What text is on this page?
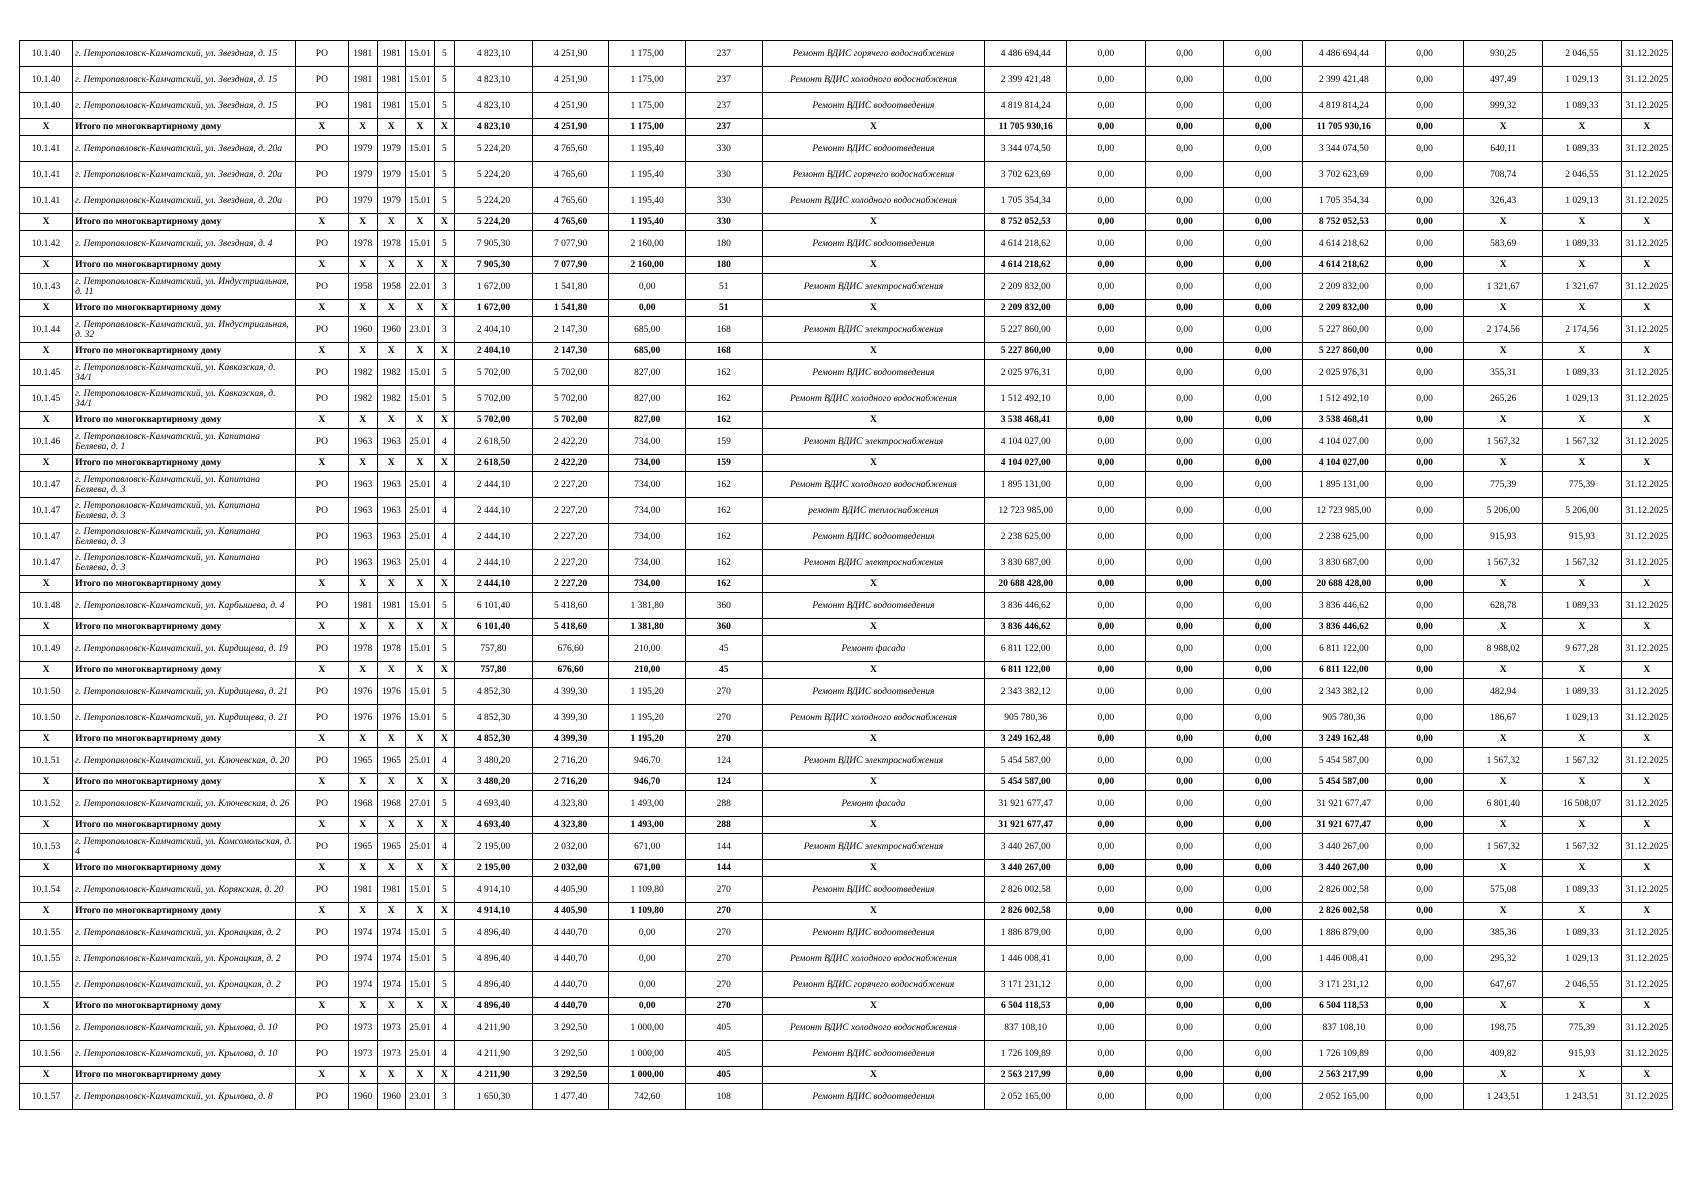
10.1.40	г. Петропавловск-Камчатский, ул. Звездная, д. 15	РО	1981	1981	15.01	5	4 823,10	4 251,90	1 175,00	237	Ремонт ВДИС горячего водоснабжения	4 486 694,44	0,00	0,00	0,00	4 486 694,44	0,00	930,25	2 046,55	31.12.2025
10.1.40	г. Петропавловск-Камчатский, ул. Звездная, д. 15	РО	1981	1981	15.01	5	4 823,10	4 251,90	1 175,00	237	Ремонт ВДИС холодного водоснабжения	2 399 421,48	0,00	0,00	0,00	2 399 421,48	0,00	497,49	1 029,13	31.12.2025
10.1.40	г. Петропавловск-Камчатский, ул. Звездная, д. 15	РО	1981	1981	15.01	5	4 823,10	4 251,90	1 175,00	237	Ремонт ВДИС водоотведения	4 819 814,24	0,00	0,00	0,00	4 819 814,24	0,00	999,32	1 089,33	31.12.2025
X	Итого по многоквартирному дому	X	X	X	X	X	4 823,10	4 251,90	1 175,00	237	X	11 705 930,16	0,00	0,00	0,00	11 705 930,16	0,00	X	X	X
10.1.41	г. Петропавловск-Камчатский, ул. Звездная, д. 20а	РО	1979	1979	15.01	5	5 224,20	4 765,60	1 195,40	330	Ремонт ВДИС водоотведения	3 344 074,50	0,00	0,00	0,00	3 344 074,50	0,00	640,11	1 089,33	31.12.2025
10.1.41	г. Петропавловск-Камчатский, ул. Звездная, д. 20а	РО	1979	1979	15.01	5	5 224,20	4 765,60	1 195,40	330	Ремонт ВДИС горячего водоснабжения	3 702 623,69	0,00	0,00	0,00	3 702 623,69	0,00	708,74	2 046,55	31.12.2025
10.1.41	г. Петропавловск-Камчатский, ул. Звездная, д. 20а	РО	1979	1979	15.01	5	5 224,20	4 765,60	1 195,40	330	Ремонт ВДИС холодного водоснабжения	1 705 354,34	0,00	0,00	0,00	1 705 354,34	0,00	326,43	1 029,13	31.12.2025
X	Итого по многоквартирному дому	X	X	X	X	X	5 224,20	4 765,60	1 195,40	330	X	8 752 052,53	0,00	0,00	0,00	8 752 052,53	0,00	X	X	X
10.1.42	г. Петропавловск-Камчатский, ул. Звездная, д. 4	РО	1978	1978	15.01	5	7 905,30	7 077,90	2 160,00	180	Ремонт ВДИС водоотведения	4 614 218,62	0,00	0,00	0,00	4 614 218,62	0,00	583,69	1 089,33	31.12.2025
X	Итого по многоквартирному дому	X	X	X	X	X	7 905,30	7 077,90	2 160,00	180	X	4 614 218,62	0,00	0,00	0,00	4 614 218,62	0,00	X	X	X
10.1.43	г. Петропавловск-Камчатский, ул. Индустриальная, д. 11	РО	1958	1958	22.01	3	1 672,00	1 541,80	0,00	51	Ремонт ВДИС электроснабжения	2 209 832,00	0,00	0,00	0,00	2 209 832,00	0,00	1 321,67	1 321,67	31.12.2025
X	Итого по многоквартирному дому	X	X	X	X	X	1 672,00	1 541,80	0,00	51	X	2 209 832,00	0,00	0,00	0,00	2 209 832,00	0,00	X	X	X
10.1.44	г. Петропавловск-Камчатский, ул. Индустриальная, д. 32	РО	1960	1960	23.01	3	2 404,10	2 147,30	685,00	168	Ремонт ВДИС электроснабжения	5 227 860,00	0,00	0,00	0,00	5 227 860,00	0,00	2 174,56	2 174,56	31.12.2025
X	Итого по многоквартирному дому	X	X	X	X	X	2 404,10	2 147,30	685,00	168	X	5 227 860,00	0,00	0,00	0,00	5 227 860,00	0,00	X	X	X
10.1.45	г. Петропавловск-Камчатский, ул. Кавказская, д. 34/1	РО	1982	1982	15.01	5	5 702,00	5 702,00	827,00	162	Ремонт ВДИС водоотведения	2 025 976,31	0,00	0,00	0,00	2 025 976,31	0,00	355,31	1 089,33	31.12.2025
10.1.45	г. Петропавловск-Камчатский, ул. Кавказская, д. 34/1	РО	1982	1982	15.01	5	5 702,00	5 702,00	827,00	162	Ремонт ВДИС холодного водоснабжения	1 512 492,10	0,00	0,00	0,00	1 512 492,10	0,00	265,26	1 029,13	31.12.2025
X	Итого по многоквартирному дому	X	X	X	X	X	5 702,00	5 702,00	827,00	162	X	3 538 468,41	0,00	0,00	0,00	3 538 468,41	0,00	X	X	X
10.1.46	г. Петропавловск-Камчатский, ул. Капитана Беляева, д. 1	РО	1963	1963	25.01	4	2 618,50	2 422,20	734,00	159	Ремонт ВДИС электроснабжения	4 104 027,00	0,00	0,00	0,00	4 104 027,00	0,00	1 567,32	1 567,32	31.12.2025
X	Итого по многоквартирному дому	X	X	X	X	X	2 618,50	2 422,20	734,00	159	X	4 104 027,00	0,00	0,00	0,00	4 104 027,00	0,00	X	X	X
10.1.47	г. Петропавловск-Камчатский, ул. Капитана Беляева, д. 3	РО	1963	1963	25.01	4	2 444,10	2 227,20	734,00	162	Ремонт ВДИС холодного водоснабжения	1 895 131,00	0,00	0,00	0,00	1 895 131,00	0,00	775,39	775,39	31.12.2025
10.1.47	г. Петропавловск-Камчатский, ул. Капитана Беляева, д. 3	РО	1963	1963	25.01	4	2 444,10	2 227,20	734,00	162	ремонт ВДИС теплоснабжения	12 723 985,00	0,00	0,00	0,00	12 723 985,00	0,00	5 206,00	5 206,00	31.12.2025
10.1.47	г. Петропавловск-Камчатский, ул. Капитана Беляева, д. 3	РО	1963	1963	25.01	4	2 444,10	2 227,20	734,00	162	Ремонт ВДИС водоотведения	2 238 625,00	0,00	0,00	0,00	2 238 625,00	0,00	915,93	915,93	31.12.2025
10.1.47	г. Петропавловск-Камчатский, ул. Капитана Беляева, д. 3	РО	1963	1963	25.01	4	2 444,10	2 227,20	734,00	162	Ремонт ВДИС электроснабжения	3 830 687,00	0,00	0,00	0,00	3 830 687,00	0,00	1 567,32	1 567,32	31.12.2025
X	Итого по многоквартирному дому	X	X	X	X	X	2 444,10	2 227,20	734,00	162	X	20 688 428,00	0,00	0,00	0,00	20 688 428,00	0,00	X	X	X
10.1.48	г. Петропавловск-Камчатский, ул. Карбышева, д. 4	РО	1981	1981	15.01	5	6 101,40	5 418,60	1 381,80	360	Ремонт ВДИС водоотведения	3 836 446,62	0,00	0,00	0,00	3 836 446,62	0,00	628,78	1 089,33	31.12.2025
X	Итого по многоквартирному дому	X	X	X	X	X	6 101,40	5 418,60	1 381,80	360	X	3 836 446,62	0,00	0,00	0,00	3 836 446,62	0,00	X	X	X
10.1.49	г. Петропавловск-Камчатский, ул. Кирдищева, д. 19	РО	1978	1978	15.01	5	757,80	676,60	210,00	45	Ремонт фасада	6 811 122,00	0,00	0,00	0,00	6 811 122,00	0,00	8 988,02	9 677,28	31.12.2025
X	Итого по многоквартирному дому	X	X	X	X	X	757,80	676,60	210,00	45	X	6 811 122,00	0,00	0,00	0,00	6 811 122,00	0,00	X	X	X
10.1.50	г. Петропавловск-Камчатский, ул. Кирдищева, д. 21	РО	1976	1976	15.01	5	4 852,30	4 399,30	1 195,20	270	Ремонт ВДИС водоотведения	2 343 382,12	0,00	0,00	0,00	2 343 382,12	0,00	482,94	1 089,33	31.12.2025
10.1.50	г. Петропавловск-Камчатский, ул. Кирдищева, д. 21	РО	1976	1976	15.01	5	4 852,30	4 399,30	1 195,20	270	Ремонт ВДИС холодного водоснабжения	905 780,36	0,00	0,00	0,00	905 780,36	0,00	186,67	1 029,13	31.12.2025
X	Итого по многоквартирному дому	X	X	X	X	X	4 852,30	4 399,30	1 195,20	270	X	3 249 162,48	0,00	0,00	0,00	3 249 162,48	0,00	X	X	X
10.1.51	г. Петропавловск-Камчатский, ул. Ключевская, д. 20	РО	1965	1965	25.01	4	3 480,20	2 716,20	946,70	124	Ремонт ВДИС электроснабжения	5 454 587,00	0,00	0,00	0,00	5 454 587,00	0,00	1 567,32	1 567,32	31.12.2025
X	Итого по многоквартирному дому	X	X	X	X	X	3 480,20	2 716,20	946,70	124	X	5 454 587,00	0,00	0,00	0,00	5 454 587,00	0,00	X	X	X
10.1.52	г. Петропавловск-Камчатский, ул. Ключевская, д. 26	РО	1968	1968	27.01	5	4 693,40	4 323,80	1 493,00	288	Ремонт фасада	31 921 677,47	0,00	0,00	0,00	31 921 677,47	0,00	6 801,40	16 508,07	31.12.2025
X	Итого по многоквартирному дому	X	X	X	X	X	4 693,40	4 323,80	1 493,00	288	X	31 921 677,47	0,00	0,00	0,00	31 921 677,47	0,00	X	X	X
10.1.53	г. Петропавловск-Камчатский, ул. Комсомольская, д. 4	РО	1965	1965	25.01	4	2 195,00	2 032,00	671,00	144	Ремонт ВДИС электроснабжения	3 440 267,00	0,00	0,00	0,00	3 440 267,00	0,00	1 567,32	1 567,32	31.12.2025
X	Итого по многоквартирному дому	X	X	X	X	X	2 195,00	2 032,00	671,00	144	X	3 440 267,00	0,00	0,00	0,00	3 440 267,00	0,00	X	X	X
10.1.54	г. Петропавловск-Камчатский, ул. Корякская, д. 20	РО	1981	1981	15.01	5	4 914,10	4 405,90	1 109,80	270	Ремонт ВДИС водоотведения	2 826 002,58	0,00	0,00	0,00	2 826 002,58	0,00	575,08	1 089,33	31.12.2025
X	Итого по многоквартирному дому	X	X	X	X	X	4 914,10	4 405,90	1 109,80	270	X	2 826 002,58	0,00	0,00	0,00	2 826 002,58	0,00	X	X	X
10.1.55	г. Петропавловск-Камчатский, ул. Кронацкая, д. 2	РО	1974	1974	15.01	5	4 896,40	4 440,70	0,00	270	Ремонт ВДИС водоотведения	1 886 879,00	0,00	0,00	0,00	1 886 879,00	0,00	385,36	1 089,33	31.12.2025
10.1.55	г. Петропавловск-Камчатский, ул. Кронацкая, д. 2	РО	1974	1974	15.01	5	4 896,40	4 440,70	0,00	270	Ремонт ВДИС холодного водоснабжения	1 446 008,41	0,00	0,00	0,00	1 446 008,41	0,00	295,32	1 029,13	31.12.2025
10.1.55	г. Петропавловск-Камчатский, ул. Кронацкая, д. 2	РО	1974	1974	15.01	5	4 896,40	4 440,70	0,00	270	Ремонт ВДИС горячего водоснабжения	3 171 231,12	0,00	0,00	0,00	3 171 231,12	0,00	647,67	2 046,55	31.12.2025
X	Итого по многоквартирному дому	X	X	X	X	X	4 896,40	4 440,70	0,00	270	X	6 504 118,53	0,00	0,00	0,00	6 504 118,53	0,00	X	X	X
10.1.56	г. Петропавловск-Камчатский, ул. Крылова, д. 10	РО	1973	1973	25.01	4	4 211,90	3 292,50	1 000,00	405	Ремонт ВДИС холодного водоснабжения	837 108,10	0,00	0,00	0,00	837 108,10	0,00	198,75	775,39	31.12.2025
10.1.56	г. Петропавловск-Камчатский, ул. Крылова, д. 10	РО	1973	1973	25.01	4	4 211,90	3 292,50	1 000,00	405	Ремонт ВДИС водоотведения	1 726 109,89	0,00	0,00	0,00	1 726 109,89	0,00	409,82	915,93	31.12.2025
X	Итого по многоквартирному дому	X	X	X	X	X	4 211,90	3 292,50	1 000,00	405	X	2 563 217,99	0,00	0,00	0,00	2 563 217,99	0,00	X	X	X
10.1.57	г. Петропавловск-Камчатский, ул. Крылова, д. 8	РО	1960	1960	23.01	3	1 650,30	1 477,40	742,60	108	Ремонт ВДИС водоотведения	2 052 165,00	0,00	0,00	0,00	2 052 165,00	0,00	1 243,51	1 243,51	31.12.2025
